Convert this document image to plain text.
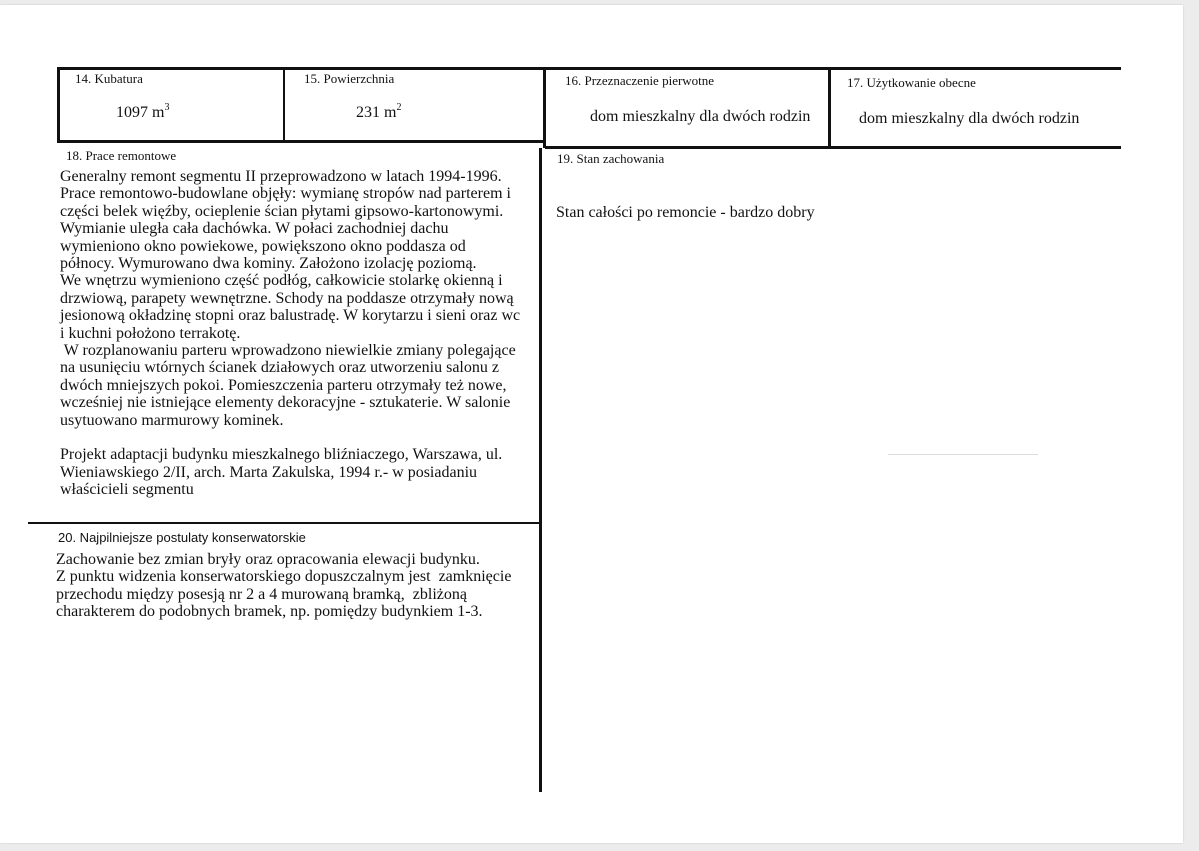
14. Kubatura
1097 $m^3$
15. Powierzchnia
231 $m^2$
16. Przeznaczenie pierwotne
dom mieszkalny dla dwóch rodzin
17. Użytkowanie obecne
dom mieszkalny dla dwóch rodzin
18. Prace remontowe
Generalny remont segmentu II przeprowadzono w latach 1994-1996.
Prace remontowo-budowlane objęły: wymianę stropów nad parterem i
części belek więźby, ocieplenie ścian płytami gipsowo-kartonowymi.
Wymianie uległa cała dachówka. W połaci zachodniej dachu
wymieniono okno powiekowe, powiększono okno poddasza od
północy. Wymurowano dwa kominy. Założono izolację poziomą.
We wnętrzu wymieniono część podłóg, całkowicie stolarkę okienną i
drzwiową, parapety wewnętrzne. Schody na poddasze otrzymały nową
jesionową okładzinę stopni oraz balustradę. W korytarzu i sieni oraz wc
i kuchni położono terrakotę.
W rozplanowaniu parteru wprowadzono niewielkie zmiany polegające
na usunięciu wtórnych ścianek działowych oraz utworzeniu salonu z
dwóch mniejszych pokoi. Pomieszczenia parteru otrzymały też nowe,
wcześniej nie istniejące elementy dekoracyjne - sztukaterie. W salonie
usytuowano marmurowy kominek.
Projekt adaptacji budynku mieszkalnego bliźniaczego, Warszawa, ul.
Wieniawskiego 2/II, arch. Marta Zakulska, 1994 r.- w posiadaniu
właścicieli segmentu
19. Stan zachowania
Stan całości po remoncie - bardzo dobry
20. Najpilniejsze postulaty konserwatorskie
Zachowanie bez zmian bryły oraz opracowania elewacji budynku.
Z punktu widzenia konserwatorskiego dopuszczalnym jest  zamknięcie
przechodu między posesją nr 2 a 4 murowaną bramką,  zbliżoną
charakterem do podobnych bramek, np. pomiędzy budynkiem 1-3.
